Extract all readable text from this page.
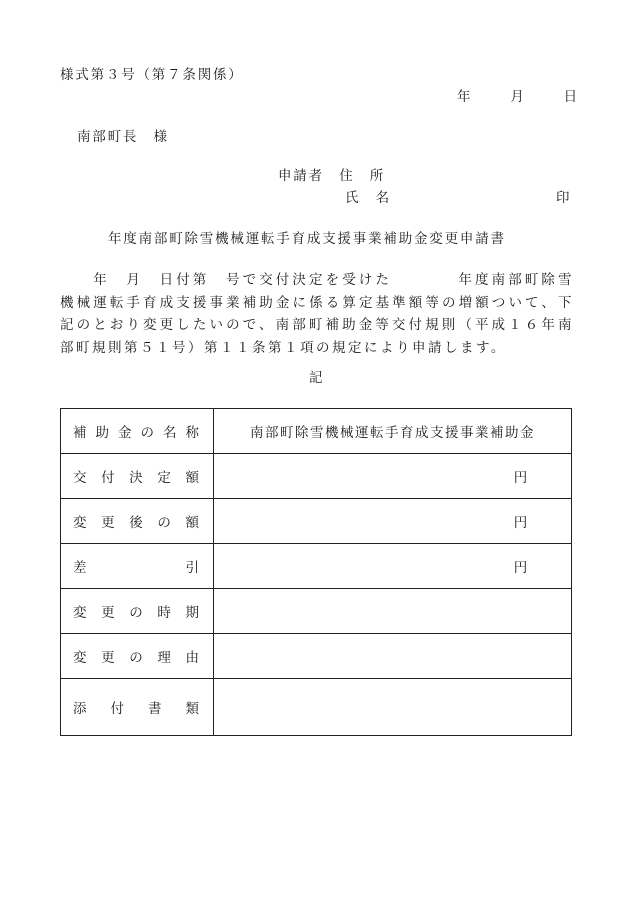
様式第３号（第７条関係）
年	月	日
南部町長　様
申請者　住　所
氏　名	印
年度南部町除雪機械運転手育成支援事業補助金変更申請書
　　年　月　日付第　号で交付決定を受けた　　　　年度南部町除雪
機械運転手育成支援事業補助金に係る算定基準額等の増額ついて、下
記のとおり変更したいので、南部町補助金等交付規則（平成１６年南
部町規則第５１号）第１１条第１項の規定により申請します。
記
補助金の名称	南部町除雪機械運転手育成支援事業補助金

交付決定額	円

変更後の額	円

差引	円

変更の時期	

変更の理由	

添付書類	
